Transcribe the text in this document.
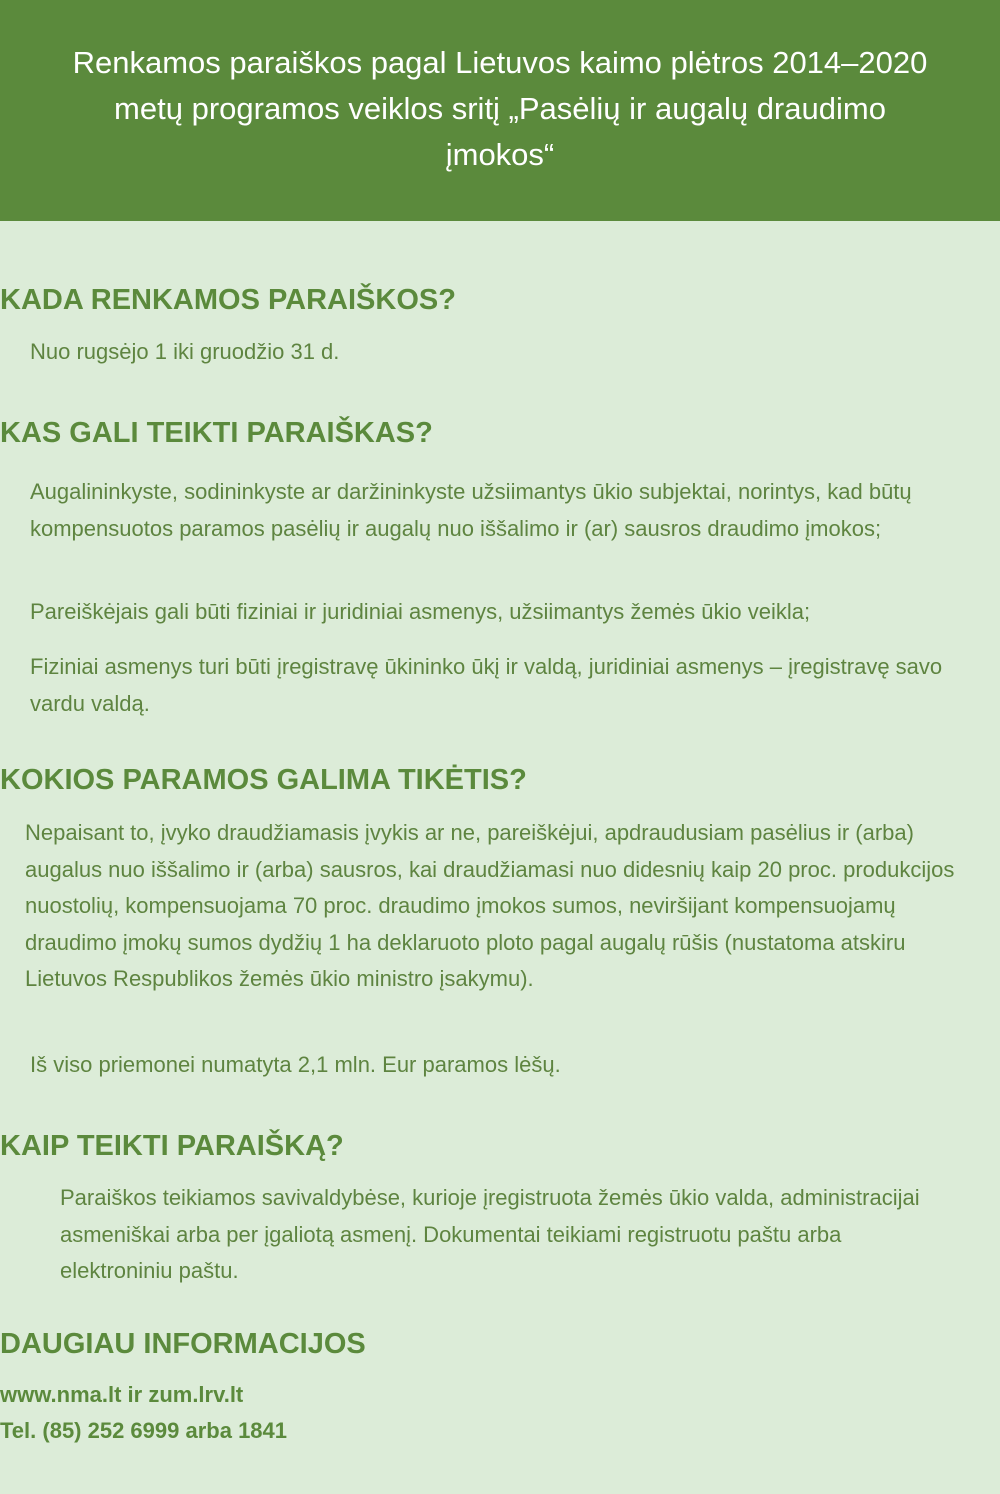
Renkamos paraiškos pagal Lietuvos kaimo plėtros 2014–2020 metų programos veiklos sritį „Pasėlių ir augalų draudimo įmokos“
KADA RENKAMOS PARAIŠKOS?

Nuo rugsėjo 1 iki gruodžio 31 d.

KAS GALI TEIKTI PARAIŠKAS?

Augalininkyste, sodininkyste ar daržininkyste užsiimantys ūkio subjektai, norintys, kad būtų kompensuotos paramos pasėlių ir augalų nuo iššalimo ir (ar) sausros draudimo įmokos;

Pareiškėjais gali būti fiziniai ir juridiniai asmenys, užsiimantys žemės ūkio veikla;

Fiziniai asmenys turi būti įregistravę ūkininko ūkį ir valdą, juridiniai asmenys – įregistravę savo vardu valdą.

KOKIOS PARAMOS GALIMA TIKĖTIS?

Nepaisant to, įvyko draudžiamasis įvykis ar ne, pareiškėjui, apdraudusiam pasėlius ir (arba) augalus nuo iššalimo ir (arba) sausros, kai draudžiamasi nuo didesnių kaip 20 proc. produkcijos nuostolių, kompensuojama 70 proc. draudimo įmokos sumos, neviršijant kompensuojamų draudimo įmokų sumos dydžių 1 ha deklaruoto ploto pagal augalų rūšis (nustatoma atskiru Lietuvos Respublikos žemės ūkio ministro įsakymu).

Iš viso priemonei numatyta 2,1 mln. Eur paramos lėšų.

KAIP TEIKTI PARAIŠKĄ?

Paraiškos teikiamos savivaldybėse, kurioje įregistruota žemės ūkio valda, administracijai asmeniškai arba per įgaliotą asmenį. Dokumentai teikiami registruotu paštu arba elektroniniu paštu.

DAUGIAU INFORMACIJOS

www.nma.lt ir zum.lrv.lt

Tel. (85) 252 6999 arba 1841
